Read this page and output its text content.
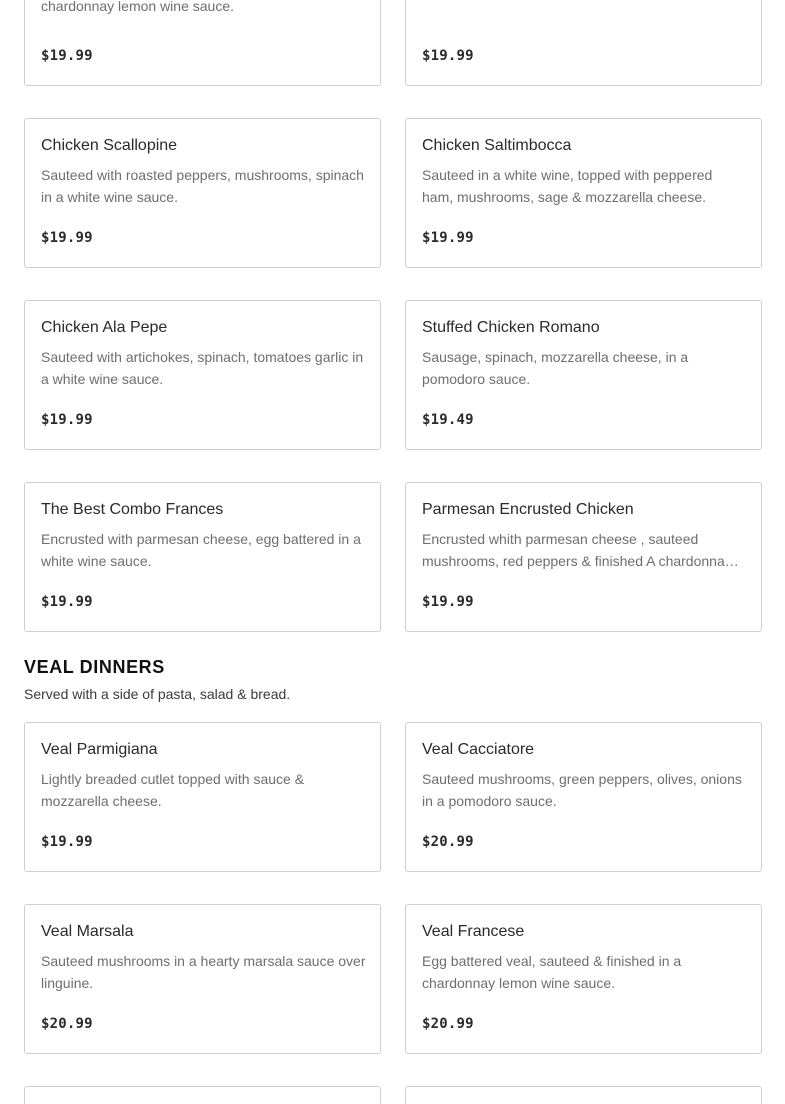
chardonnay lemon wine sauce.
$19.99	$19.99
Chicken Scallopine
Sauteed with roasted peppers, mushrooms, spinach in a white wine sauce.
$19.99
Chicken Saltimbocca
Sauteed in a white wine, topped with peppered ham, mushrooms, sage & mozzarella cheese.
$19.99
Chicken Ala Pepe
Sauteed with artichokes, spinach, tomatoes garlic in a white wine sauce.
$19.99
Stuffed Chicken Romano
Sausage, spinach, mozzarella cheese, in a pomodoro sauce.
$19.49
The Best Combo Frances
Encrusted with parmesan cheese, egg battered in a white wine sauce.
$19.99
Parmesan Encrusted Chicken
Encrusted whith parmesan cheese , sauteed mushrooms, red peppers & finished A chardonna…
$19.99
VEAL DINNERS
Served with a side of pasta, salad & bread.
Veal Parmigiana
Lightly breaded cutlet topped with sauce & mozzarella cheese.
$19.99
Veal Cacciatore
Sauteed mushrooms, green peppers, olives, onions in a pomodoro sauce.
$20.99
Veal Marsala
Sauteed mushrooms in a hearty marsala sauce over linguine.
$20.99
Veal Francese
Egg battered veal, sauteed & finished in a chardonnay lemon wine sauce.
$20.99
